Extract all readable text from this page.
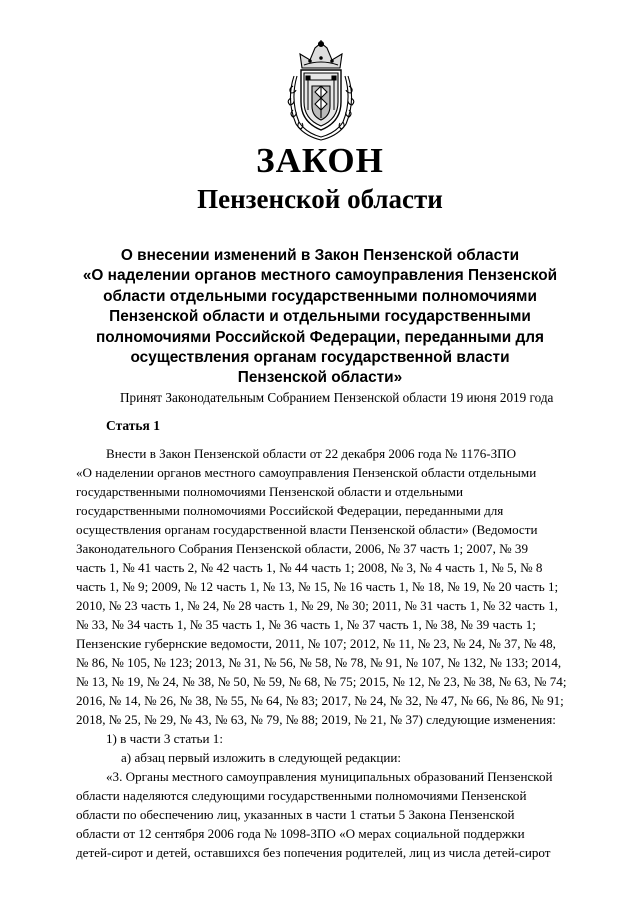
ЗАКОН
Пензенской области
О внесении изменений в Закон Пензенской области
«О наделении органов местного самоуправления Пензенской
области отдельными государственными полномочиями
Пензенской области и отдельными государственными
полномочиями Российской Федерации, переданными для
осуществления органам государственной власти
Пензенской области»
Принят Законодательным Собранием Пензенской области 19 июня 2019 года
Статья 1
Внести в Закон Пензенской области от 22 декабря 2006 года № 1176-ЗПО
«О наделении органов местного самоуправления Пензенской области отдельными
государственными полномочиями Пензенской области и отдельными
государственными полномочиями Российской Федерации, переданными для
осуществления органам государственной власти Пензенской области» (Ведомости
Законодательного Собрания Пензенской области, 2006, № 37 часть 1; 2007, № 39
часть 1, № 41 часть 2, № 42 часть 1, № 44 часть 1; 2008, № 3, № 4 часть 1, № 5, № 8
часть 1, № 9; 2009, № 12 часть 1, № 13, № 15, № 16 часть 1, № 18, № 19, № 20 часть 1;
2010, № 23 часть 1, № 24, № 28 часть 1, № 29, № 30; 2011, № 31 часть 1, № 32 часть 1,
№ 33, № 34 часть 1, № 35 часть 1, № 36 часть 1, № 37 часть 1, № 38, № 39 часть 1;
Пензенские губернские ведомости, 2011, № 107; 2012, № 11, № 23, № 24, № 37, № 48,
№ 86, № 105, № 123; 2013, № 31, № 56, № 58, № 78, № 91, № 107, № 132, № 133; 2014,
№ 13, № 19, № 24, № 38, № 50, № 59, № 68, № 75; 2015, № 12, № 23, № 38, № 63, № 74;
2016, № 14, № 26, № 38, № 55, № 64, № 83; 2017, № 24, № 32, № 47, № 66, № 86, № 91;
2018, № 25, № 29, № 43, № 63, № 79, № 88; 2019, № 21, № 37) следующие изменения:
1) в части 3 статьи 1:
а) абзац первый изложить в следующей редакции:
«3. Органы местного самоуправления муниципальных образований Пензенской
области наделяются следующими государственными полномочиями Пензенской
области по обеспечению лиц, указанных в части 1 статьи 5 Закона Пензенской
области от 12 сентября 2006 года № 1098-ЗПО «О мерах социальной поддержки
детей-сирот и детей, оставшихся без попечения родителей, лиц из числа детей-сирот
